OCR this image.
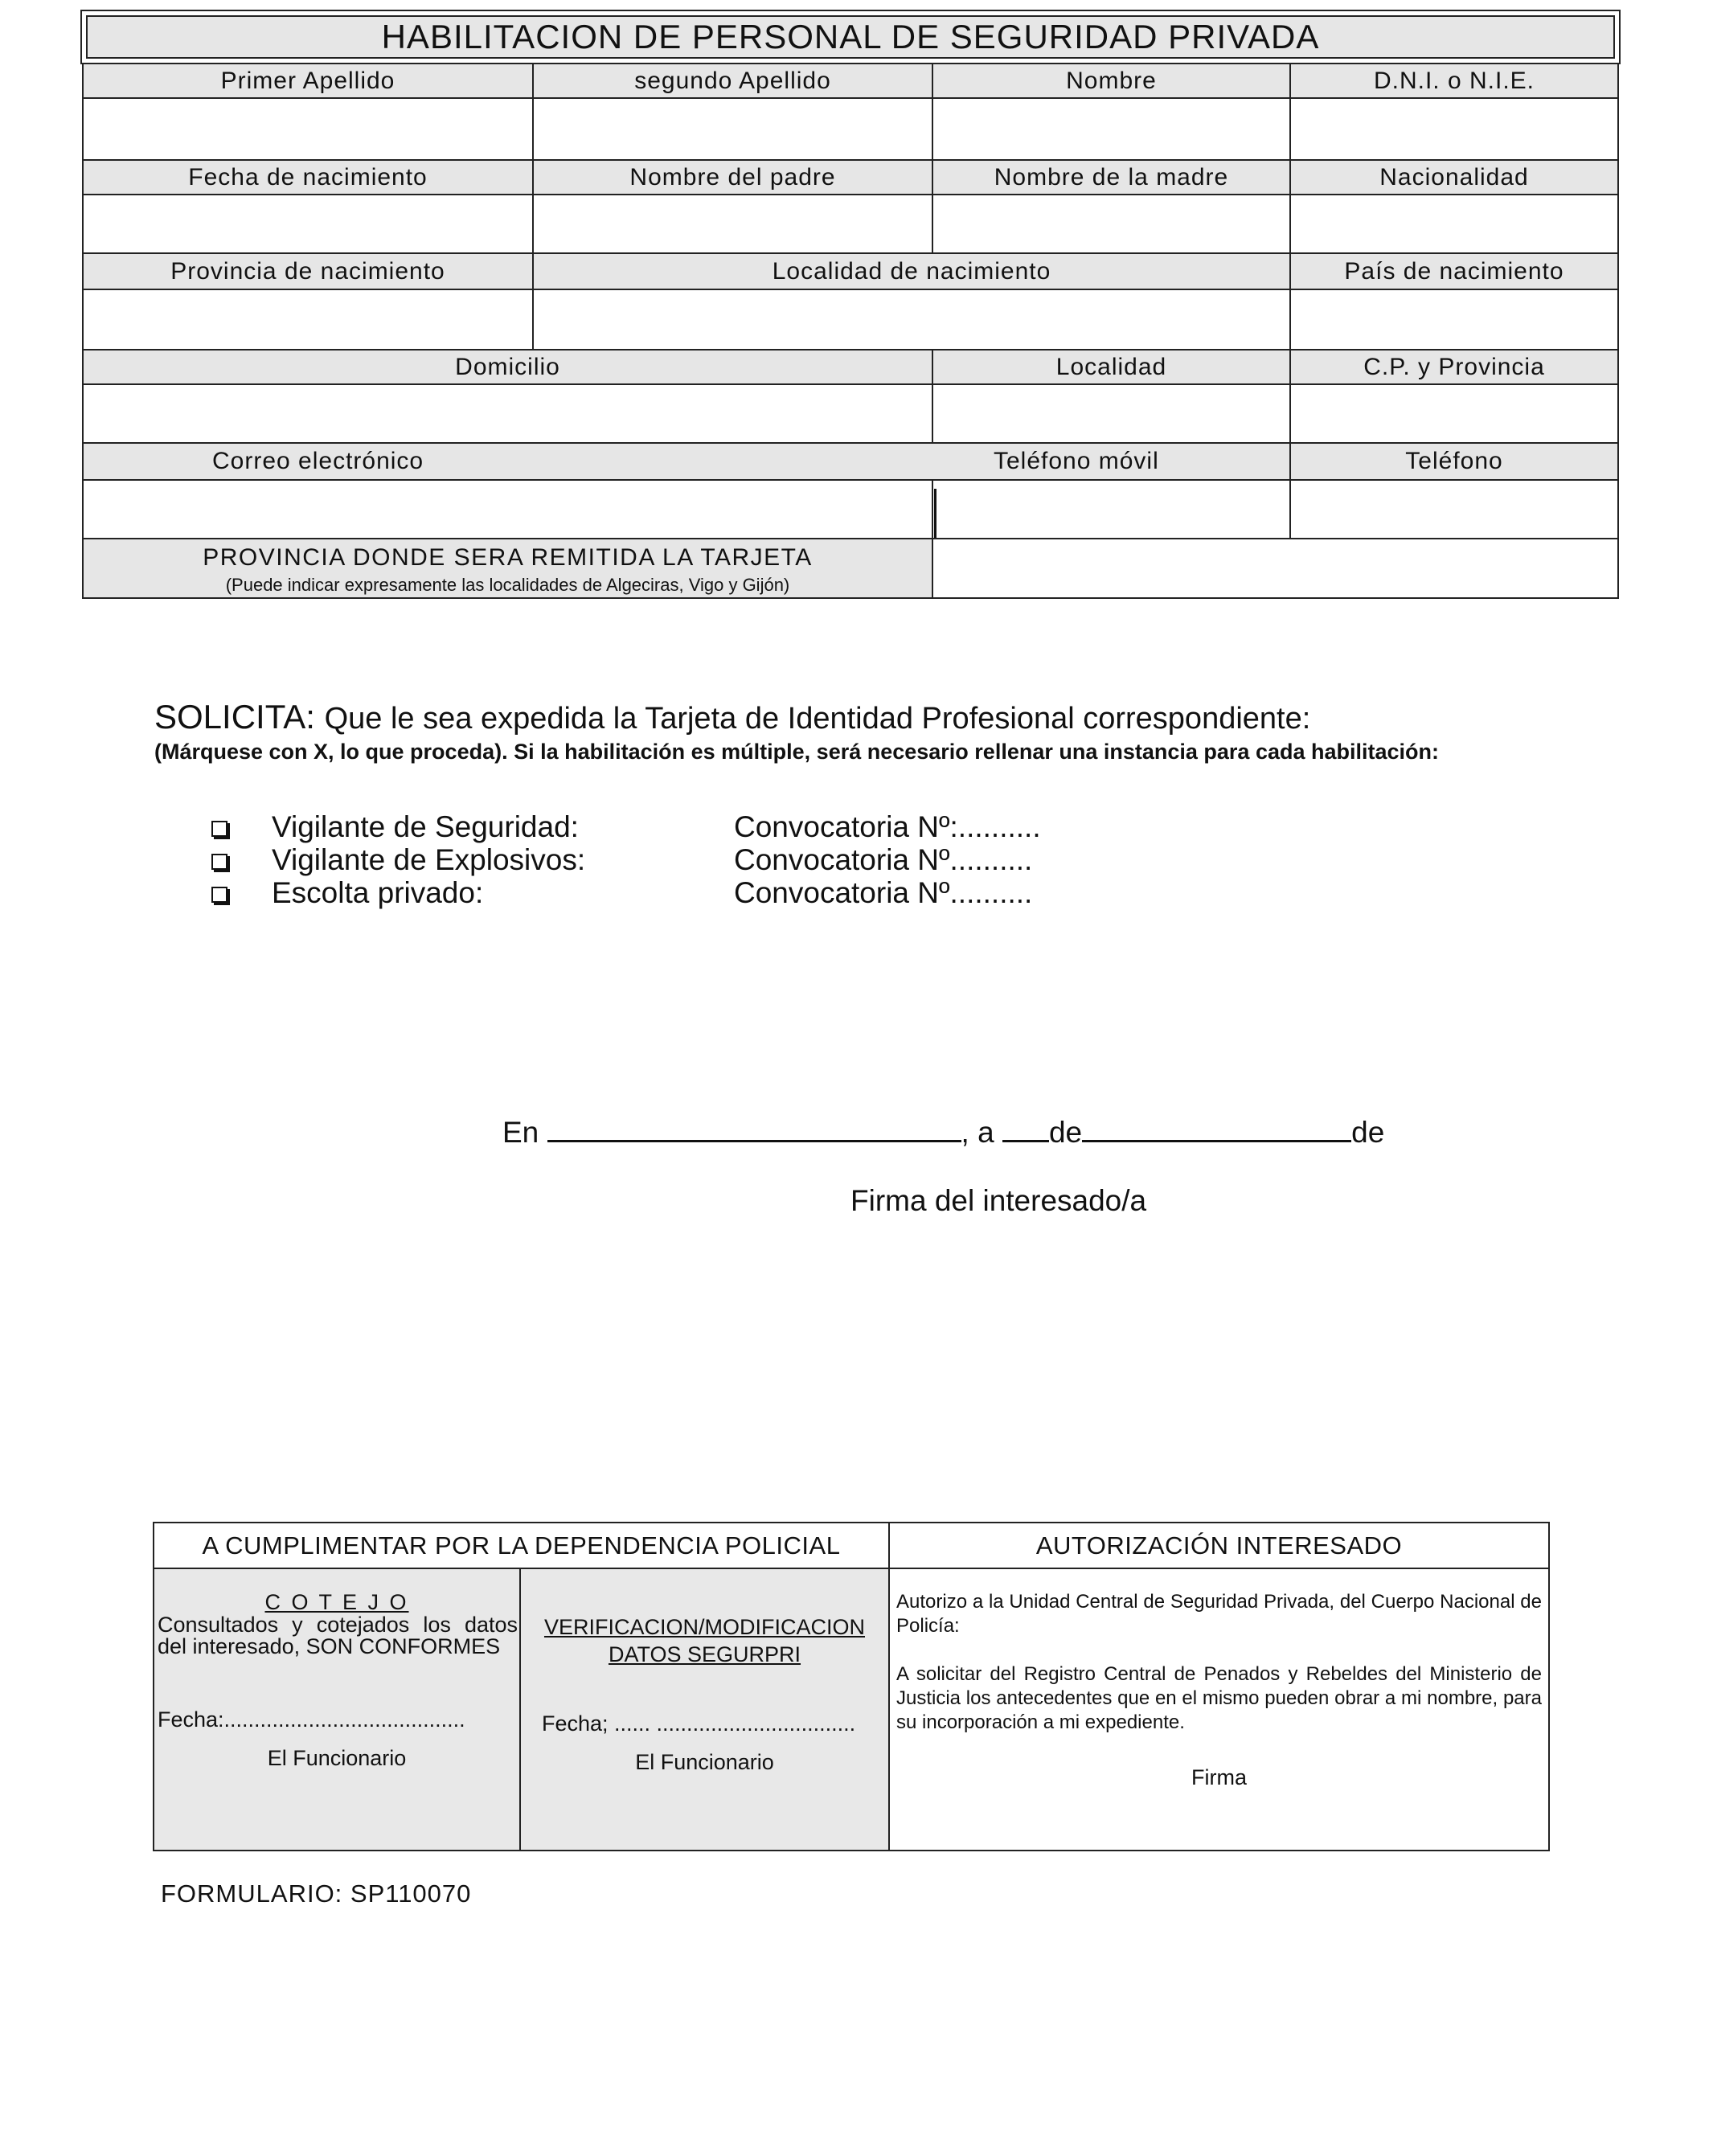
HABILITACION DE PERSONAL DE SEGURIDAD PRIVADA
Primer Apellido	segundo Apellido	Nombre	D.N.I. o N.I.E.
Fecha de nacimiento	Nombre del padre	Nombre de la madre	Nacionalidad
Provincia de nacimiento	Localidad de nacimiento	País de nacimiento
Domicilio	Localidad	C.P. y Provincia
Correo electrónico	Teléfono móvil	Teléfono
PROVINCIA DONDE SERA REMITIDA LA TARJETA
(Puede indicar expresamente las localidades de Algeciras, Vigo y Gijón)
SOLICITA: Que le sea expedida la Tarjeta de Identidad Profesional correspondiente:
(Márquese con X, lo que proceda). Si la habilitación es múltiple, será necesario rellenar una instancia para cada habilitación:
Vigilante de Seguridad:	Convocatoria Nº:..........
Vigilante de Explosivos:	Convocatoria Nº..........
Escolta privado:	Convocatoria Nº..........
En	, a de	de
Firma del interesado/a
A CUMPLIMENTAR POR LA DEPENDENCIA POLICIAL	AUTORIZACIÓN INTERESADO
C O T E J O
Consultados y cotejados los datos del interesado, SON CONFORMES
Fecha:........................................
El Funcionario
VERIFICACION/MODIFICACION
DATOS SEGURPRI
Fecha; ...... .................................
El Funcionario
Autorizo a la Unidad Central de Seguridad Privada, del Cuerpo Nacional de Policía:
A solicitar del Registro Central de Penados y Rebeldes del Ministerio de Justicia los antecedentes que en el mismo pueden obrar a mi nombre, para su incorporación a mi expediente.
Firma
FORMULARIO: SP110070
